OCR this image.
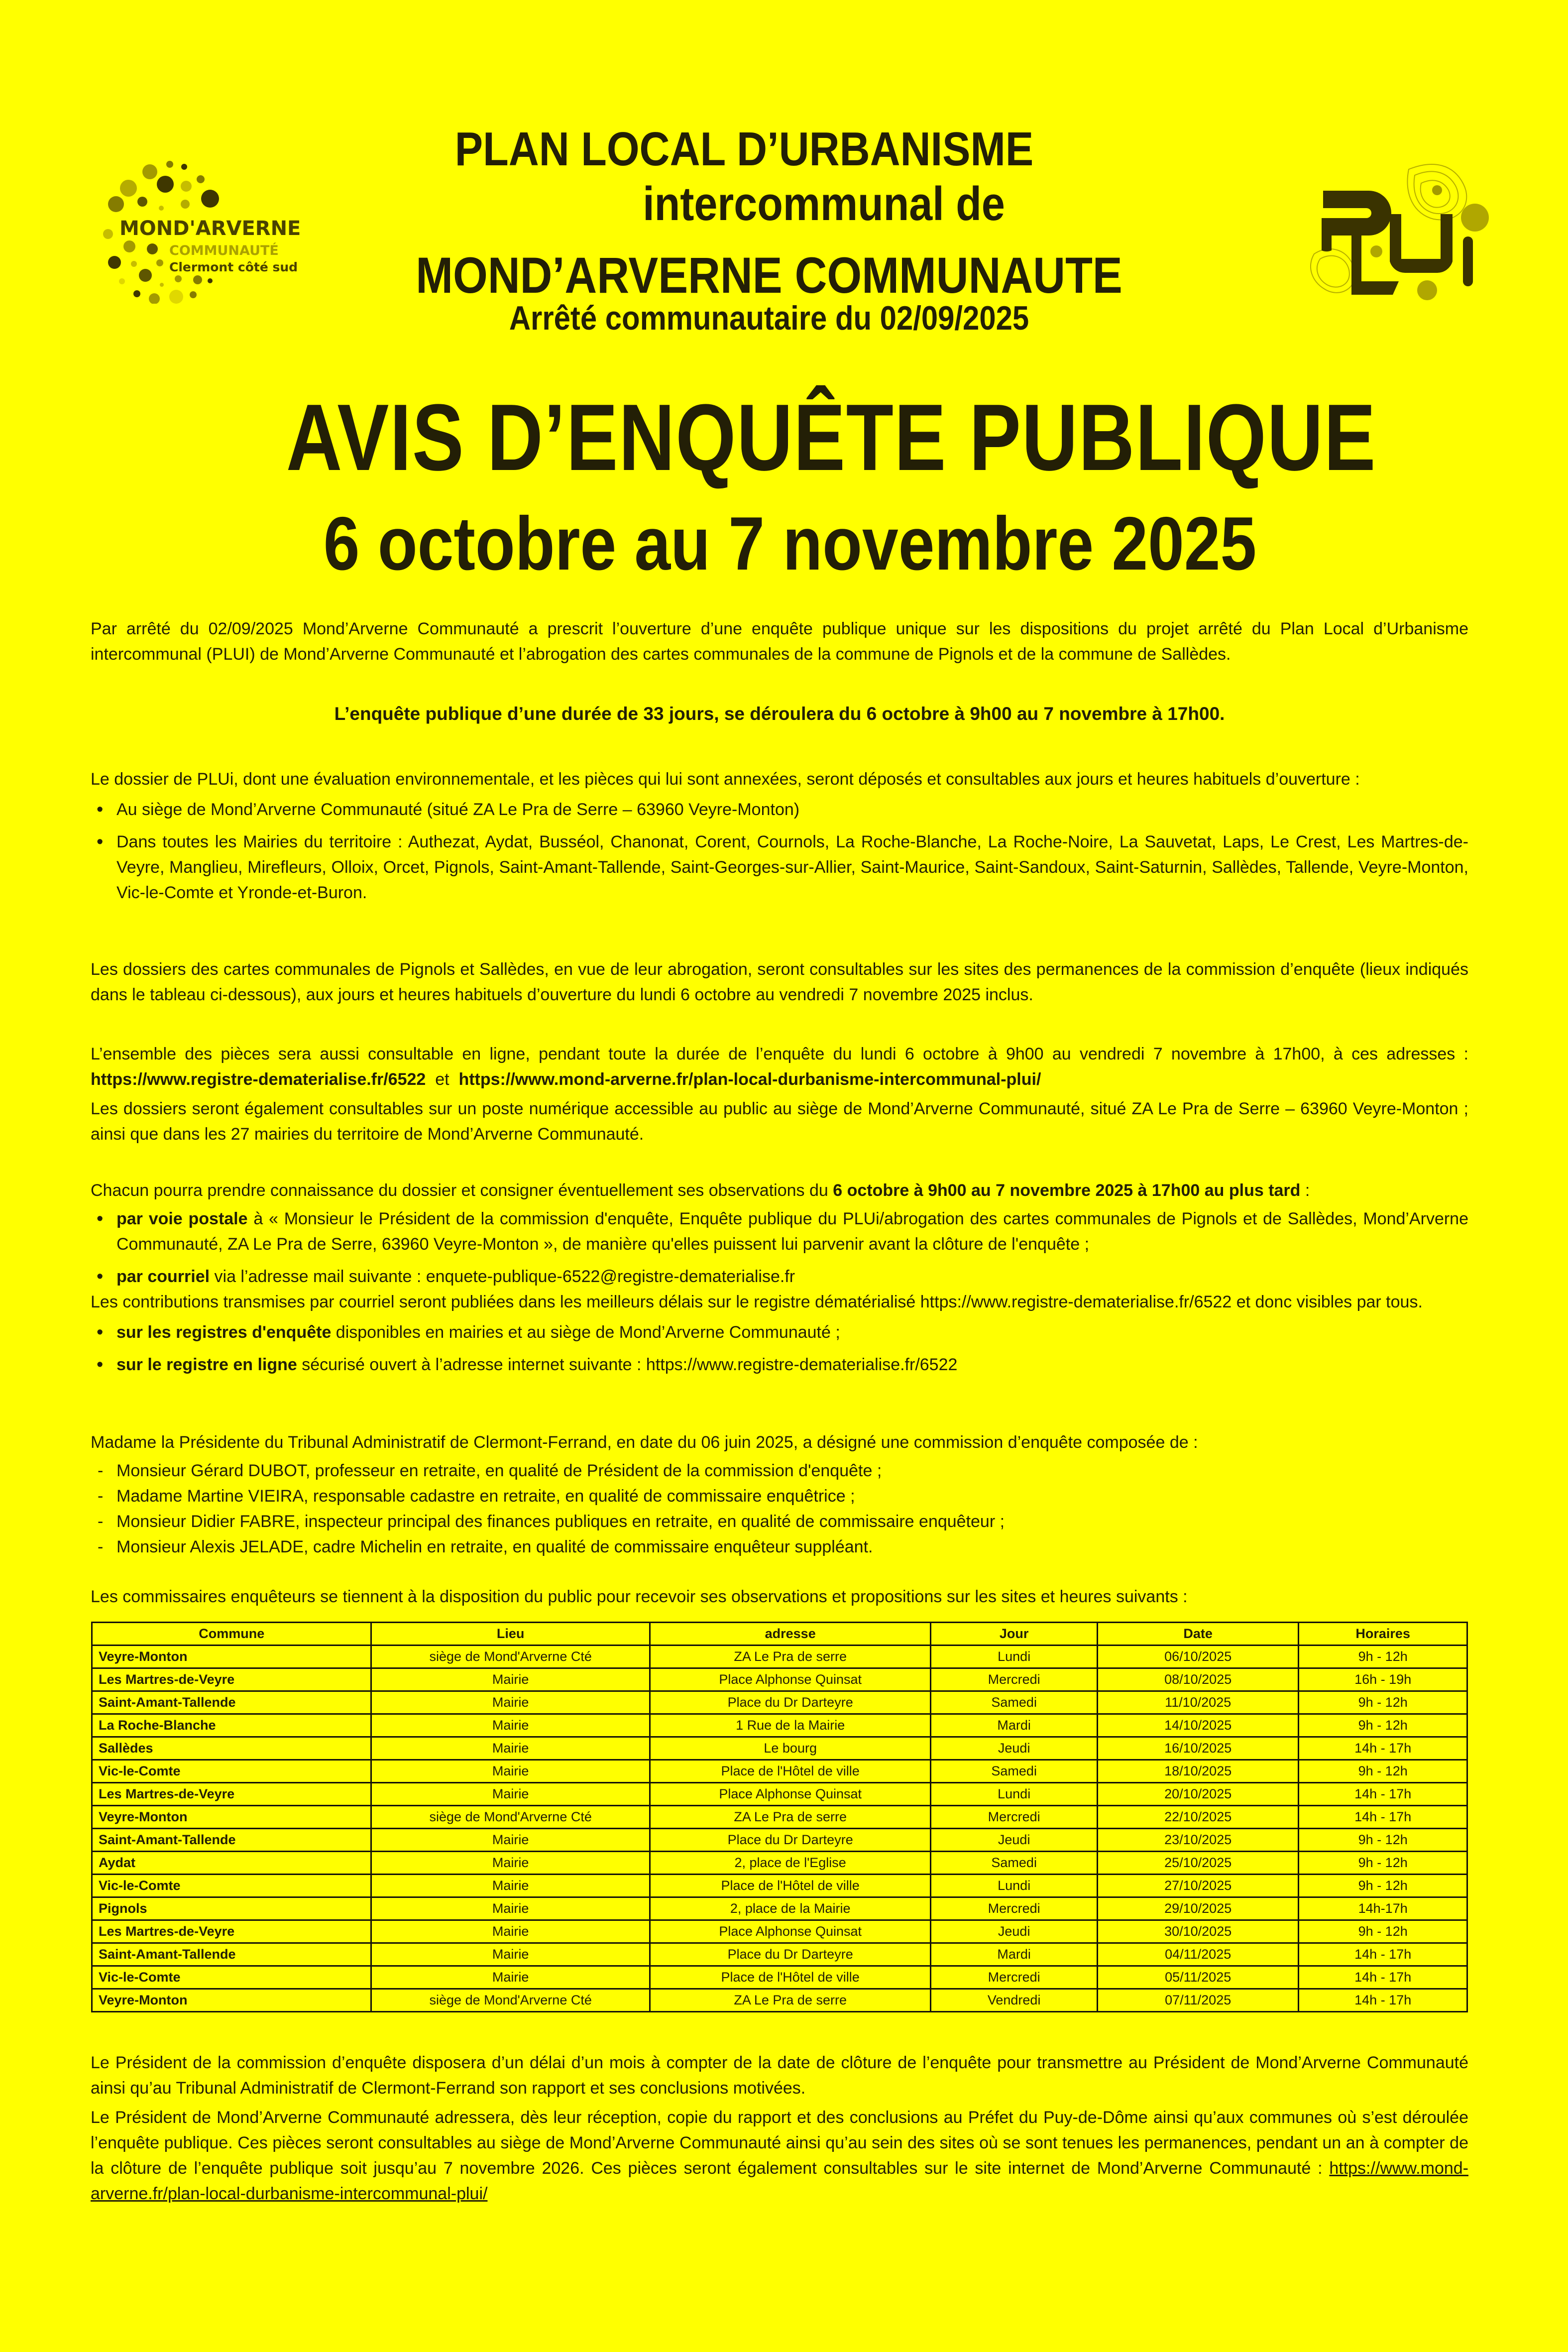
MOND'ARVERNE
COMMUNAUTÉ
Clermont côté sud
PLAN LOCAL D’URBANISME
intercommunal de
MOND’ARVERNE COMMUNAUTE
Arrêté communautaire du 02/09/2025
AVIS D’ENQUÊTE PUBLIQUE
6 octobre au 7 novembre 2025
Par arrêté du 02/09/2025 Mond’Arverne Communauté a prescrit l’ouverture d’une enquête publique unique sur les dispositions du projet arrêté du Plan Local d’Urbanisme intercommunal (PLUI) de Mond’Arverne Communauté et l’abrogation des cartes communales de la commune de Pignols et de la commune de Sallèdes.
L’enquête publique d’une durée de 33 jours, se déroulera du 6 octobre à 9h00 au 7 novembre à 17h00.
Le dossier de PLUi, dont une évaluation environnementale, et les pièces qui lui sont annexées, seront déposés et consultables aux jours et heures habituels d’ouverture :
• Au siège de Mond’Arverne Communauté (situé ZA Le Pra de Serre – 63960 Veyre-Monton)
• Dans toutes les Mairies du territoire : Authezat, Aydat, Busséol, Chanonat, Corent, Cournols, La Roche-Blanche, La Roche-Noire, La Sauvetat, Laps, Le Crest, Les Martres-de-Veyre, Manglieu, Mirefleurs, Olloix, Orcet, Pignols, Saint-Amant-Tallende, Saint-Georges-sur-Allier, Saint-Maurice, Saint-Sandoux, Saint-Saturnin, Sallèdes, Tallende, Veyre-Monton, Vic-le-Comte et Yronde-et-Buron.
Les dossiers des cartes communales de Pignols et Sallèdes, en vue de leur abrogation, seront consultables sur les sites des permanences de la commission d’enquête (lieux indiqués dans le tableau ci-dessous), aux jours et heures habituels d’ouverture du lundi 6 octobre au vendredi 7 novembre 2025 inclus.
L’ensemble des pièces sera aussi consultable en ligne, pendant toute la durée de l’enquête du lundi 6 octobre à 9h00 au vendredi 7 novembre à 17h00, à ces adresses : https://www.registre-dematerialise.fr/6522  et  https://www.mond-arverne.fr/plan-local-durbanisme-intercommunal-plui/
Les dossiers seront également consultables sur un poste numérique accessible au public au siège de Mond’Arverne Communauté, situé ZA Le Pra de Serre – 63960 Veyre-Monton ; ainsi que dans les 27 mairies du territoire de Mond’Arverne Communauté.
Chacun pourra prendre connaissance du dossier et consigner éventuellement ses observations du 6 octobre à 9h00 au 7 novembre 2025 à 17h00 au plus tard :
• par voie postale à « Monsieur le Président de la commission d'enquête, Enquête publique du PLUi/abrogation des cartes communales de Pignols et de Sallèdes, Mond’Arverne Communauté, ZA Le Pra de Serre, 63960 Veyre-Monton », de manière qu'elles puissent lui parvenir avant la clôture de l'enquête ;
• par courriel via l’adresse mail suivante : enquete-publique-6522@registre-dematerialise.fr
Les contributions transmises par courriel seront publiées dans les meilleurs délais sur le registre dématérialisé https://www.registre-dematerialise.fr/6522 et donc visibles par tous.
• sur les registres d'enquête disponibles en mairies et au siège de Mond’Arverne Communauté ;
• sur le registre en ligne sécurisé ouvert à l’adresse internet suivante : https://www.registre-dematerialise.fr/6522
Madame la Présidente du Tribunal Administratif de Clermont-Ferrand, en date du 06 juin 2025, a désigné une commission d’enquête composée de :
- Monsieur Gérard DUBOT, professeur en retraite, en qualité de Président de la commission d'enquête ;
- Madame Martine VIEIRA, responsable cadastre en retraite, en qualité de commissaire enquêtrice ;
- Monsieur Didier FABRE, inspecteur principal des finances publiques en retraite, en qualité de commissaire enquêteur ;
- Monsieur Alexis JELADE, cadre Michelin en retraite, en qualité de commissaire enquêteur suppléant.
Les commissaires enquêteurs se tiennent à la disposition du public pour recevoir ses observations et propositions sur les sites et heures suivants :
Commune	Lieu	adresse	Jour	Date	Horaires
Veyre-Monton	siège de Mond'Arverne Cté	ZA Le Pra de serre	Lundi	06/10/2025	9h - 12h
Les Martres-de-Veyre	Mairie	Place Alphonse Quinsat	Mercredi	08/10/2025	16h - 19h
Saint-Amant-Tallende	Mairie	Place du Dr Darteyre	Samedi	11/10/2025	9h - 12h
La Roche-Blanche	Mairie	1 Rue de la Mairie	Mardi	14/10/2025	9h - 12h
Sallèdes	Mairie	Le bourg	Jeudi	16/10/2025	14h - 17h
Vic-le-Comte	Mairie	Place de l'Hôtel de ville	Samedi	18/10/2025	9h - 12h
Les Martres-de-Veyre	Mairie	Place Alphonse Quinsat	Lundi	20/10/2025	14h - 17h
Veyre-Monton	siège de Mond'Arverne Cté	ZA Le Pra de serre	Mercredi	22/10/2025	14h - 17h
Saint-Amant-Tallende	Mairie	Place du Dr Darteyre	Jeudi	23/10/2025	9h - 12h
Aydat	Mairie	2, place de l'Eglise	Samedi	25/10/2025	9h - 12h
Vic-le-Comte	Mairie	Place de l'Hôtel de ville	Lundi	27/10/2025	9h - 12h
Pignols	Mairie	2, place de la Mairie	Mercredi	29/10/2025	14h-17h
Les Martres-de-Veyre	Mairie	Place Alphonse Quinsat	Jeudi	30/10/2025	9h - 12h
Saint-Amant-Tallende	Mairie	Place du Dr Darteyre	Mardi	04/11/2025	14h - 17h
Vic-le-Comte	Mairie	Place de l'Hôtel de ville	Mercredi	05/11/2025	14h - 17h
Veyre-Monton	siège de Mond'Arverne Cté	ZA Le Pra de serre	Vendredi	07/11/2025	14h - 17h
Le Président de la commission d’enquête disposera d’un délai d’un mois à compter de la date de clôture de l’enquête pour transmettre au Président de Mond’Arverne Communauté ainsi qu’au Tribunal Administratif de Clermont-Ferrand son rapport et ses conclusions motivées.
Le Président de Mond’Arverne Communauté adressera, dès leur réception, copie du rapport et des conclusions au Préfet du Puy-de-Dôme ainsi qu’aux communes où s’est déroulée l’enquête publique. Ces pièces seront consultables au siège de Mond’Arverne Communauté ainsi qu’au sein des sites où se sont tenues les permanences, pendant un an à compter de la clôture de l’enquête publique soit jusqu’au 7 novembre 2026. Ces pièces seront également consultables sur le site internet de Mond’Arverne Communauté : https://www.mond-arverne.fr/plan-local-durbanisme-intercommunal-plui/
